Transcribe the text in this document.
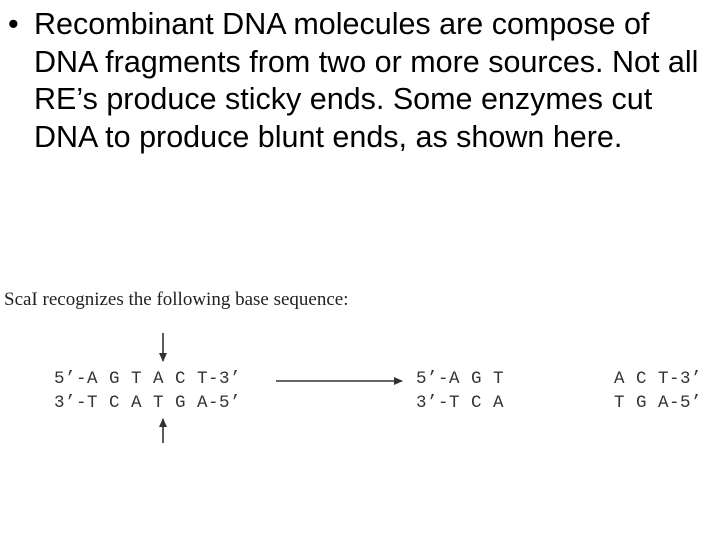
• Recombinant DNA molecules are compose of DNA fragments from two or more sources. Not all RE’s produce sticky ends. Some enzymes cut DNA to produce blunt ends, as shown here.
ScaI recognizes the following base sequence:
5’-A G T A C T-3’
3’-T C A T G A-5’
5’-A G T
3’-T C A
A C T-3’
T G A-5’
